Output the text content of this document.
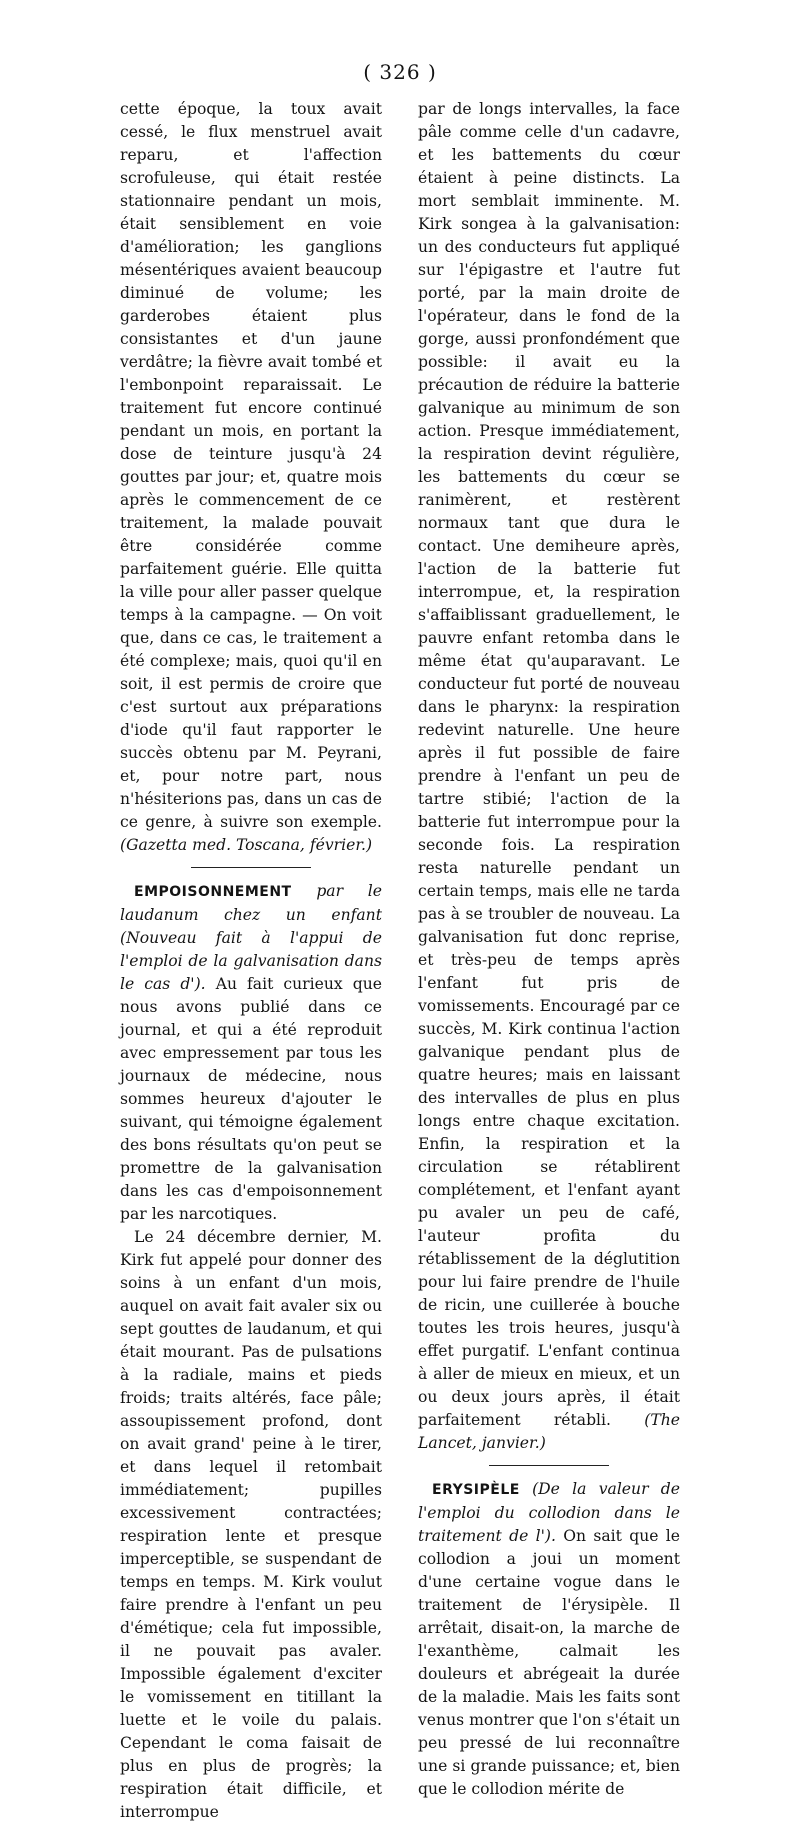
( 326 )

cette époque, la toux avait cessé, le flux menstruel avait reparu, et l'affection scrofuleuse, qui était restée stationnaire pendant un mois, était sensiblement en voie d'amélioration; les ganglions mésentériques avaient beaucoup diminué de volume; les garderobes étaient plus consistantes et d'un jaune verdâtre; la fièvre avait tombé et l'embonpoint reparaissait. Le traitement fut encore continué pendant un mois, en portant la dose de teinture jusqu'à 24 gouttes par jour; et, quatre mois après le commencement de ce traitement, la malade pouvait être considérée comme parfaitement guérie. Elle quitta la ville pour aller passer quelque temps à la campagne. — On voit que, dans ce cas, le traitement a été complexe; mais, quoi qu'il en soit, il est permis de croire que c'est surtout aux préparations d'iode qu'il faut rapporter le succès obtenu par M. Peyrani, et, pour notre part, nous n'hésiterions pas, dans un cas de ce genre, à suivre son exemple. (Gazetta med. Toscana, février.)

EMPOISONNEMENT par le laudanum chez un enfant (Nouveau fait à l'appui de l'emploi de la galvanisation dans le cas d'). Au fait curieux que nous avons publié dans ce journal, et qui a été reproduit avec empressement par tous les journaux de médecine, nous sommes heureux d'ajouter le suivant, qui témoigne également des bons résultats qu'on peut se promettre de la galvanisation dans les cas d'empoisonnement par les narcotiques.

Le 24 décembre dernier, M. Kirk fut appelé pour donner des soins à un enfant d'un mois, auquel on avait fait avaler six ou sept gouttes de laudanum, et qui était mourant. Pas de pulsations à la radiale, mains et pieds froids; traits altérés, face pâle; assoupissement profond, dont on avait grand' peine à le tirer, et dans lequel il retombait immédiatement; pupilles excessivement contractées; respiration lente et presque imperceptible, se suspendant de temps en temps. M. Kirk voulut faire prendre à l'enfant un peu d'émétique; cela fut impossible, il ne pouvait pas avaler. Impossible également d'exciter le vomissement en titillant la luette et le voile du palais. Cependant le coma faisait de plus en plus de progrès; la respiration était difficile, et interrompue

par de longs intervalles, la face pâle comme celle d'un cadavre, et les battements du cœur étaient à peine distincts. La mort semblait imminente. M. Kirk songea à la galvanisation: un des conducteurs fut appliqué sur l'épigastre et l'autre fut porté, par la main droite de l'opérateur, dans le fond de la gorge, aussi pronfondément que possible: il avait eu la précaution de réduire la batterie galvanique au minimum de son action. Presque immédiatement, la respiration devint régulière, les battements du cœur se ranimèrent, et restèrent normaux tant que dura le contact. Une demiheure après, l'action de la batterie fut interrompue, et, la respiration s'affaiblissant graduellement, le pauvre enfant retomba dans le même état qu'auparavant. Le conducteur fut porté de nouveau dans le pharynx: la respiration redevint naturelle. Une heure après il fut possible de faire prendre à l'enfant un peu de tartre stibié; l'action de la batterie fut interrompue pour la seconde fois. La respiration resta naturelle pendant un certain temps, mais elle ne tarda pas à se troubler de nouveau. La galvanisation fut donc reprise, et très-peu de temps après l'enfant fut pris de vomissements. Encouragé par ce succès, M. Kirk continua l'action galvanique pendant plus de quatre heures; mais en laissant des intervalles de plus en plus longs entre chaque excitation. Enfin, la respiration et la circulation se rétablirent complétement, et l'enfant ayant pu avaler un peu de café, l'auteur profita du rétablissement de la déglutition pour lui faire prendre de l'huile de ricin, une cuillerée à bouche toutes les trois heures, jusqu'à effet purgatif. L'enfant continua à aller de mieux en mieux, et un ou deux jours après, il était parfaitement rétabli. (The Lancet, janvier.)

ERYSIPÈLE (De la valeur de l'emploi du collodion dans le traitement de l'). On sait que le collodion a joui un moment d'une certaine vogue dans le traitement de l'érysipèle. Il arrêtait, disait-on, la marche de l'exanthème, calmait les douleurs et abrégeait la durée de la maladie. Mais les faits sont venus montrer que l'on s'était un peu pressé de lui reconnaître une si grande puissance; et, bien que le collodion mérite de
